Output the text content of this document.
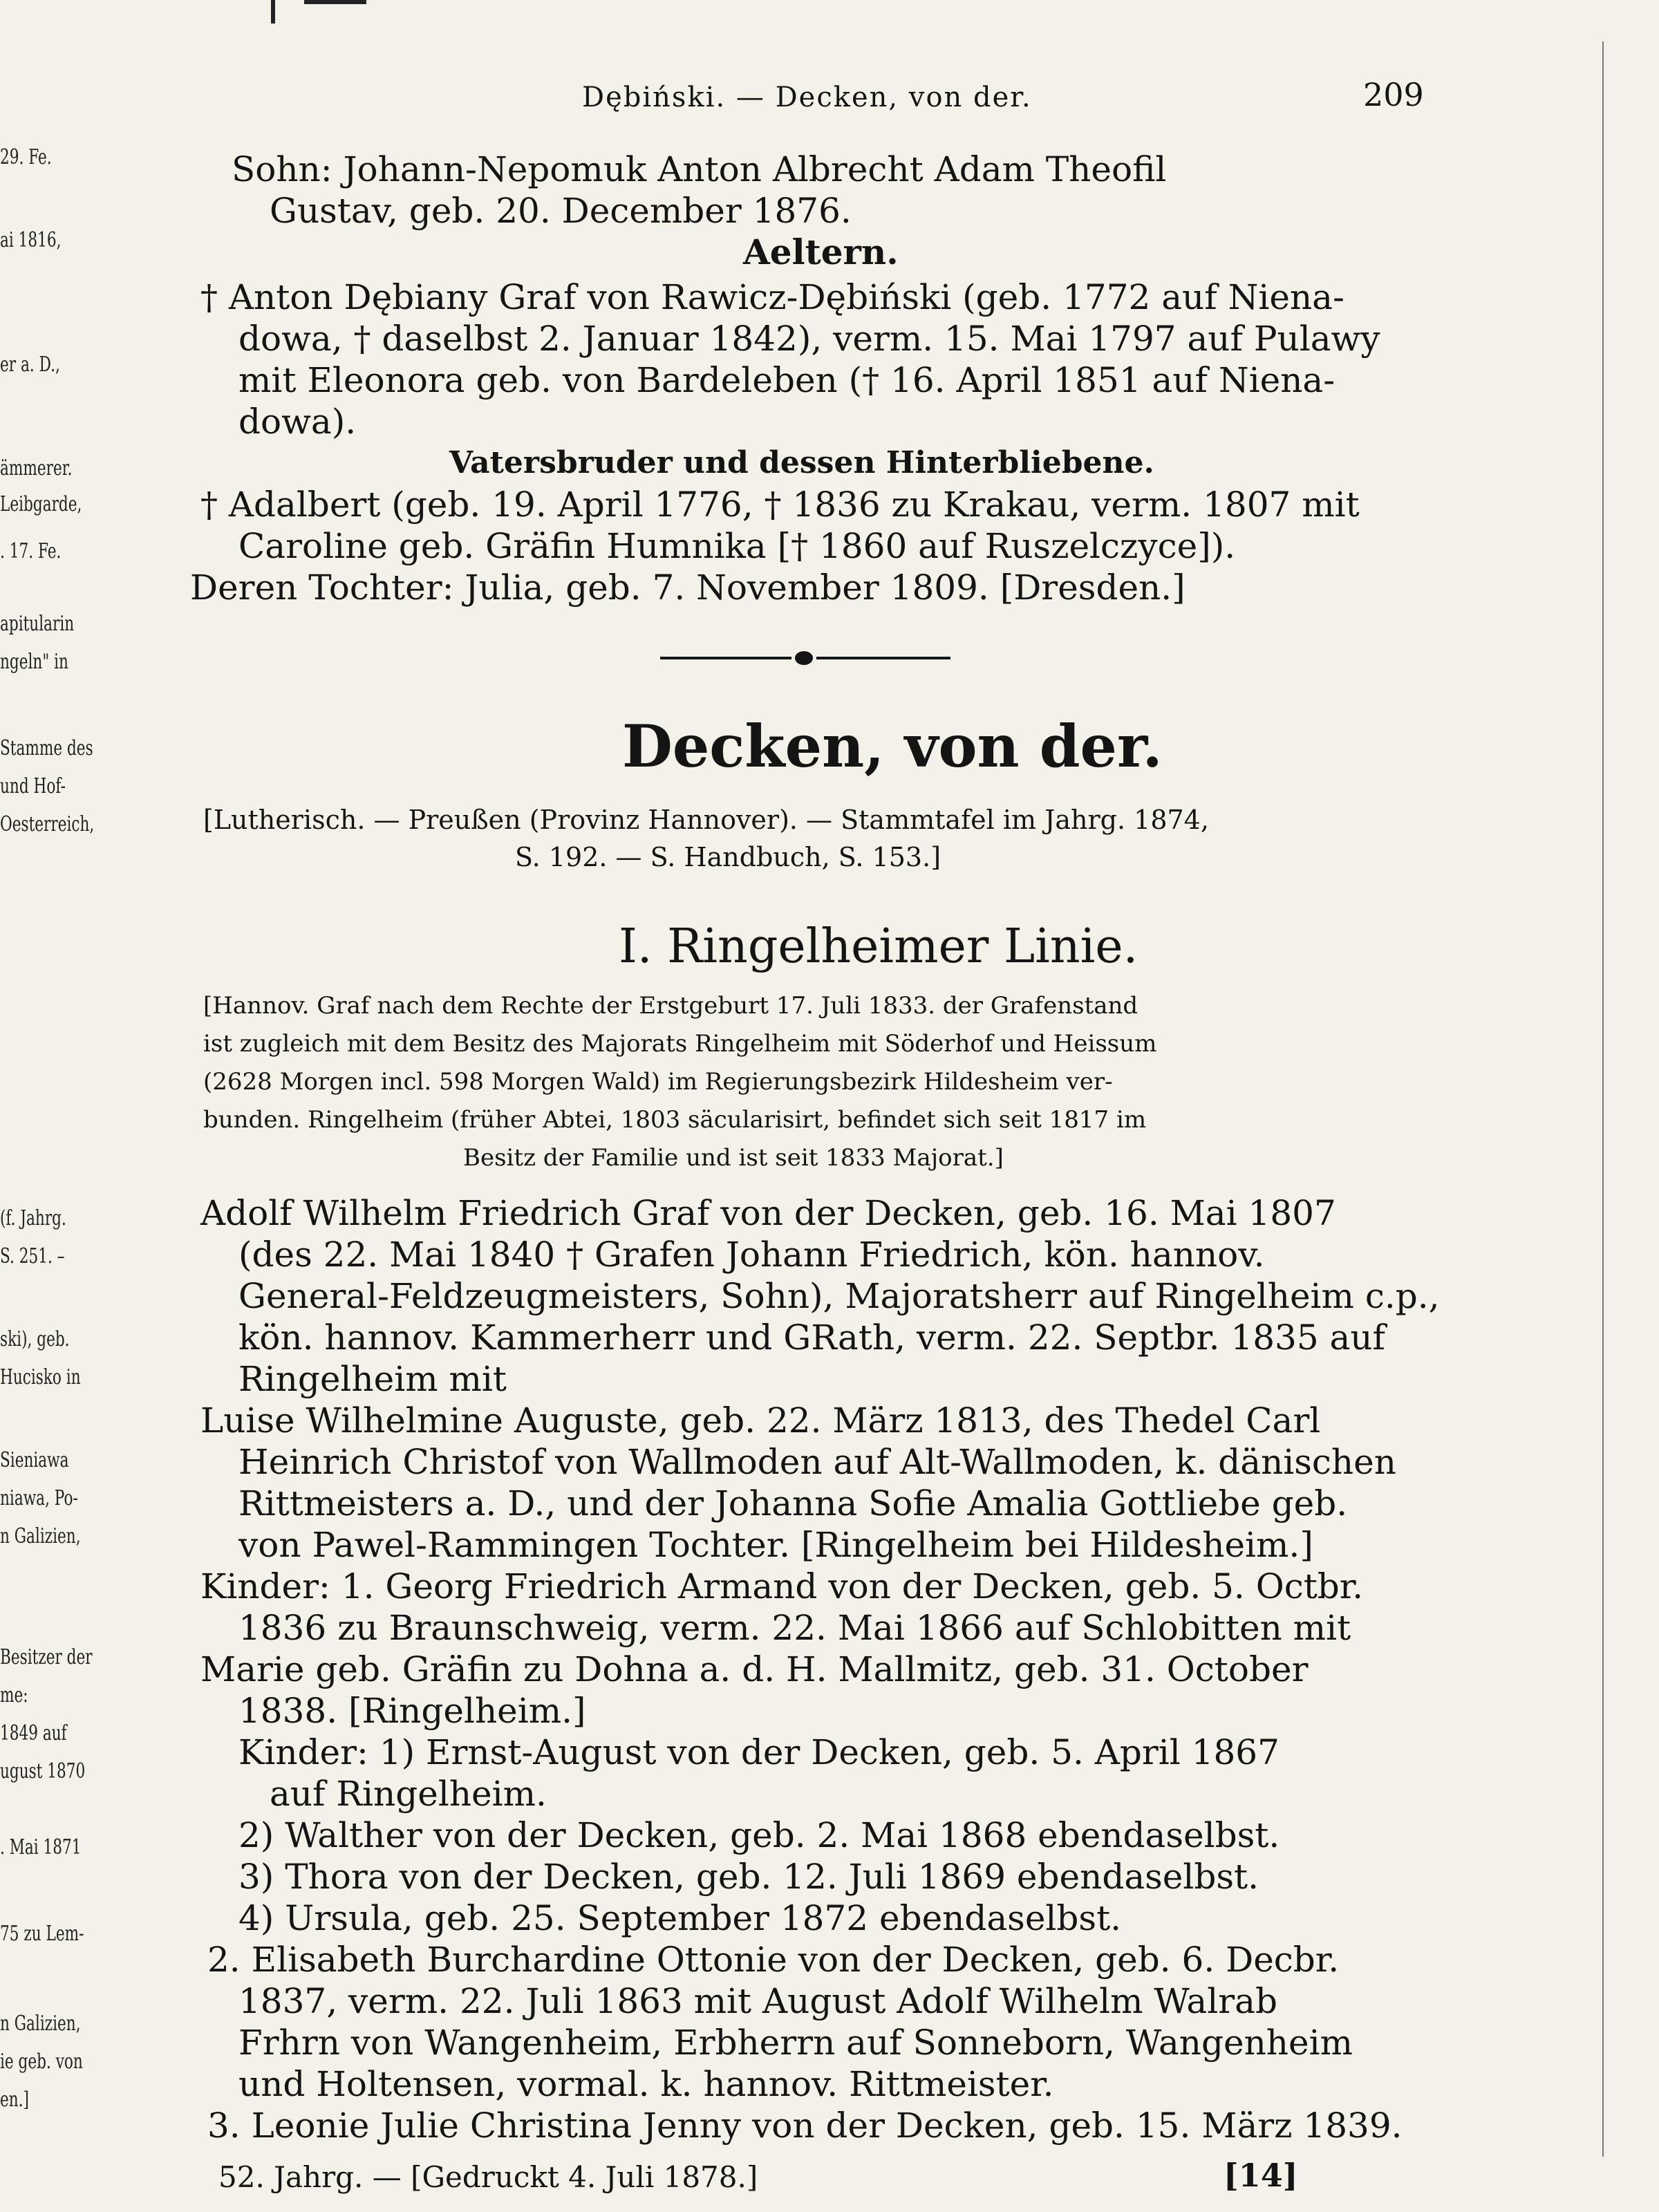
29. Fe.
ai 1816,
er a. D.,
ämmerer.
Leibgarde,
. 17. Fe.
apitularin
ngeln" in
Stamme des
und Hof-
Oesterreich,
(f. Jahrg.
S. 251. –
ski), geb.
Hucisko in
Sieniawa
niawa, Po-
n Galizien,
Besitzer der
me:
1849 auf
ugust 1870
. Mai 1871
75 zu Lem-
n Galizien,
ie geb. von
en.]
Dębiński. — Decken, von der.	209
Sohn: Johann-Nepomuk Anton Albrecht Adam Theofil
Gustav, geb. 20. December 1876.
Aeltern.
† Anton Dębiany Graf von Rawicz-Dębiński (geb. 1772 auf Niena-
dowa, † daselbst 2. Januar 1842), verm. 15. Mai 1797 auf Pulawy
mit Eleonora geb. von Bardeleben († 16. April 1851 auf Niena-
dowa).
Vatersbruder und dessen Hinterbliebene.
† Adalbert (geb. 19. April 1776, † 1836 zu Krakau, verm. 1807 mit
Caroline geb. Gräfin Humnika [† 1860 auf Ruszelczyce]).
Deren Tochter: Julia, geb. 7. November 1809. [Dresden.]
Decken, von der.
[Lutherisch. — Preußen (Provinz Hannover). — Stammtafel im Jahrg. 1874,
S. 192. — S. Handbuch, S. 153.]
I. Ringelheimer Linie.
[Hannov. Graf nach dem Rechte der Erstgeburt 17. Juli 1833. der Grafenstand
ist zugleich mit dem Besitz des Majorats Ringelheim mit Söderhof und Heissum
(2628 Morgen incl. 598 Morgen Wald) im Regierungsbezirk Hildesheim ver-
bunden. Ringelheim (früher Abtei, 1803 säcularisirt, befindet sich seit 1817 im
Besitz der Familie und ist seit 1833 Majorat.]
Adolf Wilhelm Friedrich Graf von der Decken, geb. 16. Mai 1807
(des 22. Mai 1840 † Grafen Johann Friedrich, kön. hannov.
General-Feldzeugmeisters, Sohn), Majoratsherr auf Ringelheim c.p.,
kön. hannov. Kammerherr und GRath, verm. 22. Septbr. 1835 auf
Ringelheim mit
Luise Wilhelmine Auguste, geb. 22. März 1813, des Thedel Carl
Heinrich Christof von Wallmoden auf Alt-Wallmoden, k. dänischen
Rittmeisters a. D., und der Johanna Sofie Amalia Gottliebe geb.
von Pawel-Rammingen Tochter. [Ringelheim bei Hildesheim.]
Kinder: 1. Georg Friedrich Armand von der Decken, geb. 5. Octbr.
1836 zu Braunschweig, verm. 22. Mai 1866 auf Schlobitten mit
Marie geb. Gräfin zu Dohna a. d. H. Mallmitz, geb. 31. October
1838. [Ringelheim.]
Kinder: 1) Ernst-August von der Decken, geb. 5. April 1867
auf Ringelheim.
2) Walther von der Decken, geb. 2. Mai 1868 ebendaselbst.
3) Thora von der Decken, geb. 12. Juli 1869 ebendaselbst.
4) Ursula, geb. 25. September 1872 ebendaselbst.
2. Elisabeth Burchardine Ottonie von der Decken, geb. 6. Decbr.
1837, verm. 22. Juli 1863 mit August Adolf Wilhelm Walrab
Frhrn von Wangenheim, Erbherrn auf Sonneborn, Wangenheim
und Holtensen, vormal. k. hannov. Rittmeister.
3. Leonie Julie Christina Jenny von der Decken, geb. 15. März 1839.
52. Jahrg. — [Gedruckt 4. Juli 1878.]	[14]
